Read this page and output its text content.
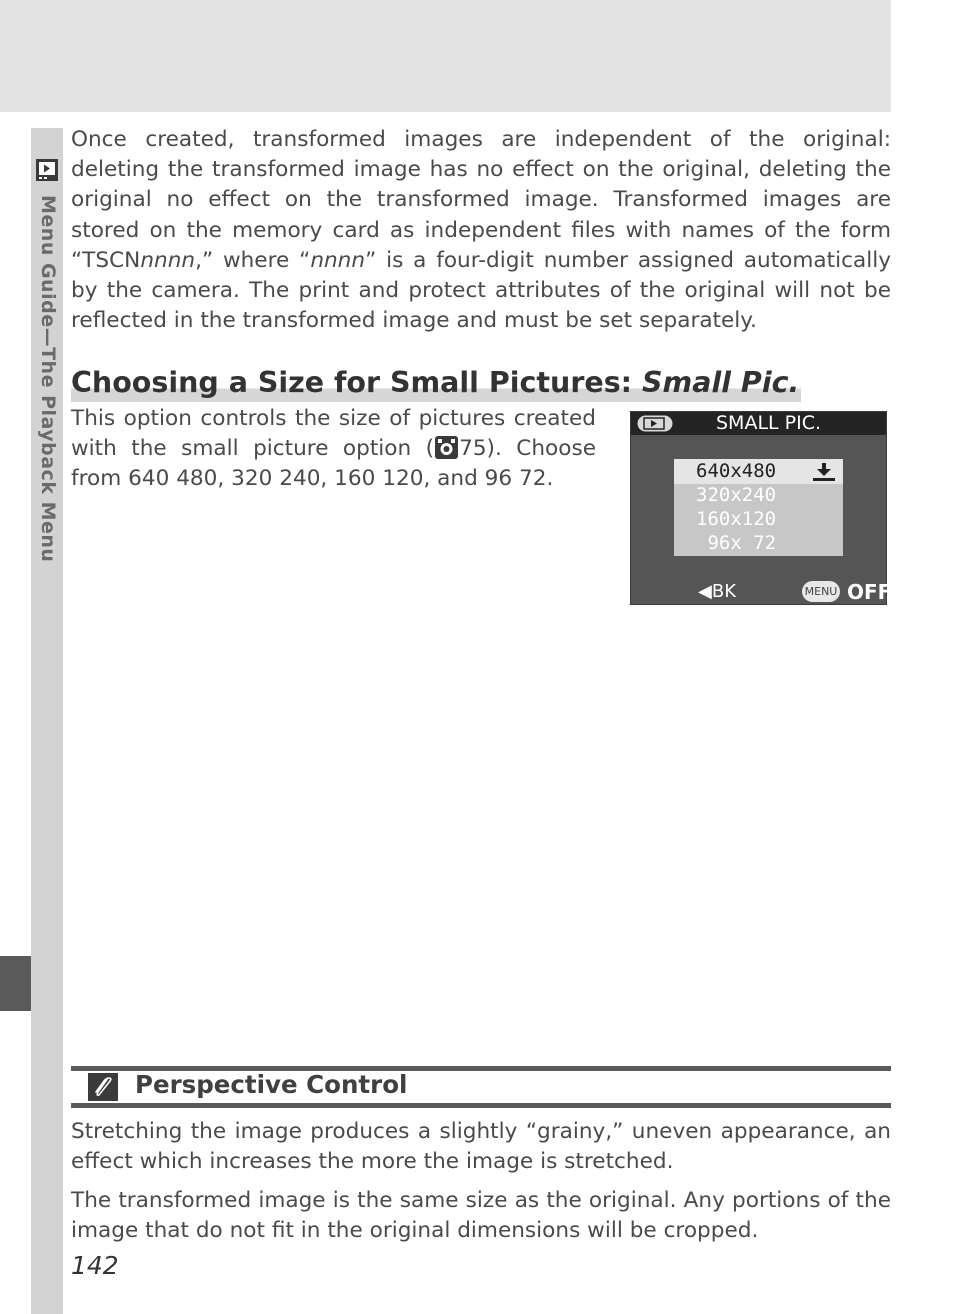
Menu Guide—The Playback Menu

Once created, transformed images are independent of the original: deleting the transformed image has no effect on the original, deleting the original no effect on the transformed image. Transformed images are stored on the memory card as independent files with names of the form “TSCNnnnn,” where “nnnn” is a four-digit number assigned automatically by the camera. The print and protect attributes of the original will not be reflected in the transformed image and must be set separately.

Choosing a Size for Small Pictures: Small Pic.

This option controls the size of pictures created with the small picture option ( 75). Choose from 640 480, 320 240, 160 120, and 96 72.

SMALL PIC.
640x480
320x240
160x120
96x 72
◀BK	MENU OFF
Perspective Control

Stretching the image produces a slightly “grainy,” uneven appearance, an effect which increases the more the image is stretched.

The transformed image is the same size as the original. Any portions of the image that do not fit in the original dimensions will be cropped.

142
